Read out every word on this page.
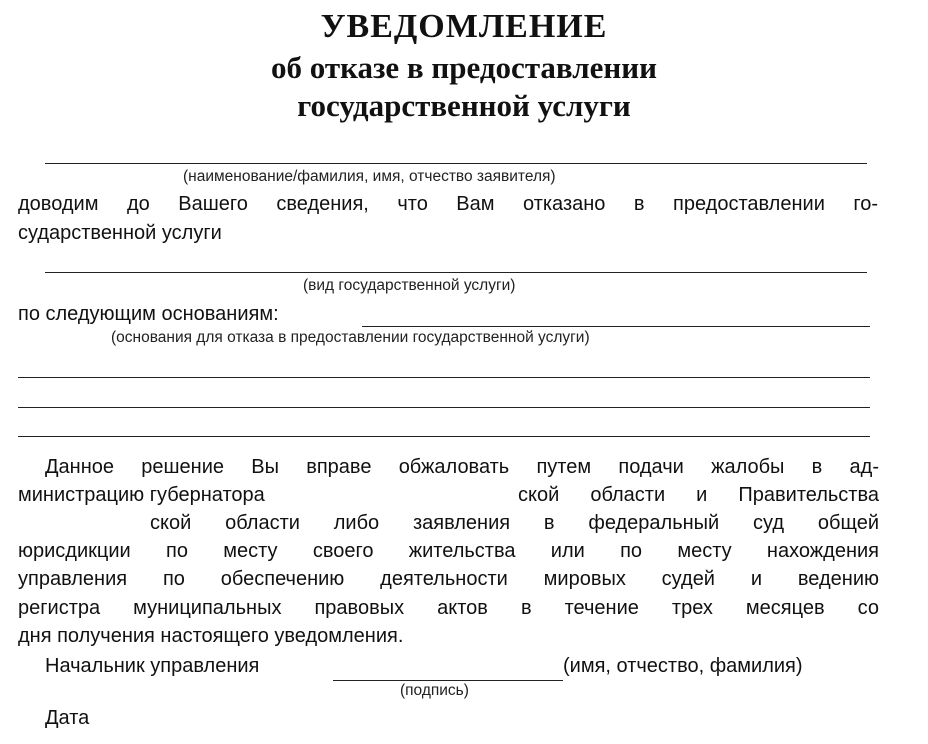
УВЕДОМЛЕНИЕ
об отказе в предоставлении
государственной услуги
(наименование/фамилия, имя, отчество заявителя)
доводим до Вашего сведения, что Вам отказано в предоставлении го-
сударственной услуги
(вид государственной услуги)
по следующим основаниям:
(основания для отказа в предоставлении государственной услуги)
Данное решение Вы вправе обжаловать путем подачи жалобы в ад-
министрацию губернатора	ской области и Правительства
ской области либо заявления в федеральный суд общей
юрисдикции по месту своего жительства или по месту нахождения
управления по обеспечению деятельности мировых судей и ведению
регистра муниципальных правовых актов в течение трех месяцев со
дня получения настоящего уведомления.
Начальник управления	(имя, отчество, фамилия)
(подпись)
Дата
